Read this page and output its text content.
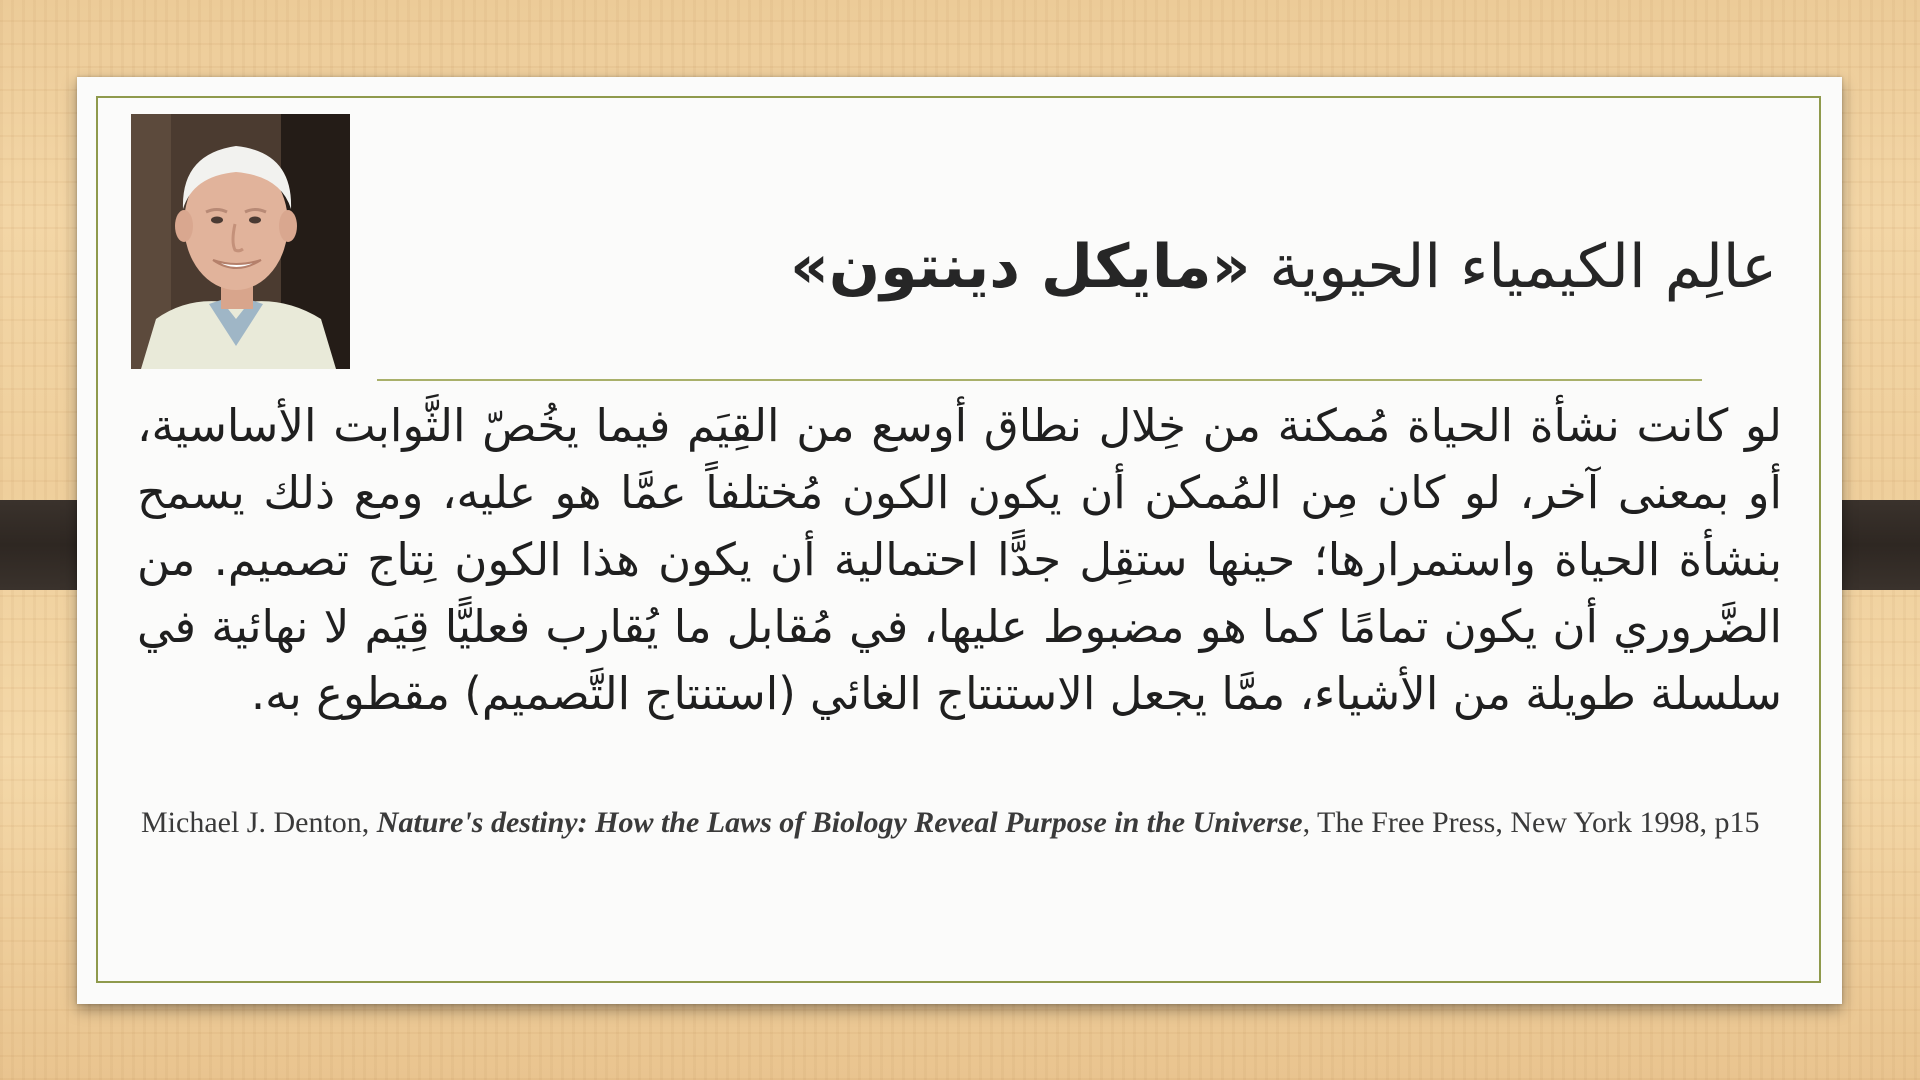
عالِم الكيمياء الحيوية «مايكل دينتون»

لو كانت نشأة الحياة مُمكنة من خِلال نطاق أوسع من القِيَم فيما يخُصّ الثَّوابت الأساسية، أو بمعنى آخر، لو كان مِن المُمكن أن يكون الكون مُختلفاً عمَّا هو عليه، ومع ذلك يسمح بنشأة الحياة واستمرارها؛ حينها ستقِل جدًّا احتمالية أن يكون هذا الكون نِتاج تصميم. من الضَّروري أن يكون تمامًا كما هو مضبوط عليها، في مُقابل ما يُقارب فعليًّا قِيَم لا نهائية في سلسلة طويلة من الأشياء، ممَّا يجعل الاستنتاج الغائي (استنتاج التَّصميم) مقطوع به.

Michael J. Denton, Nature's destiny: How the Laws of Biology Reveal Purpose in the Universe, The Free Press, New York 1998, p15
